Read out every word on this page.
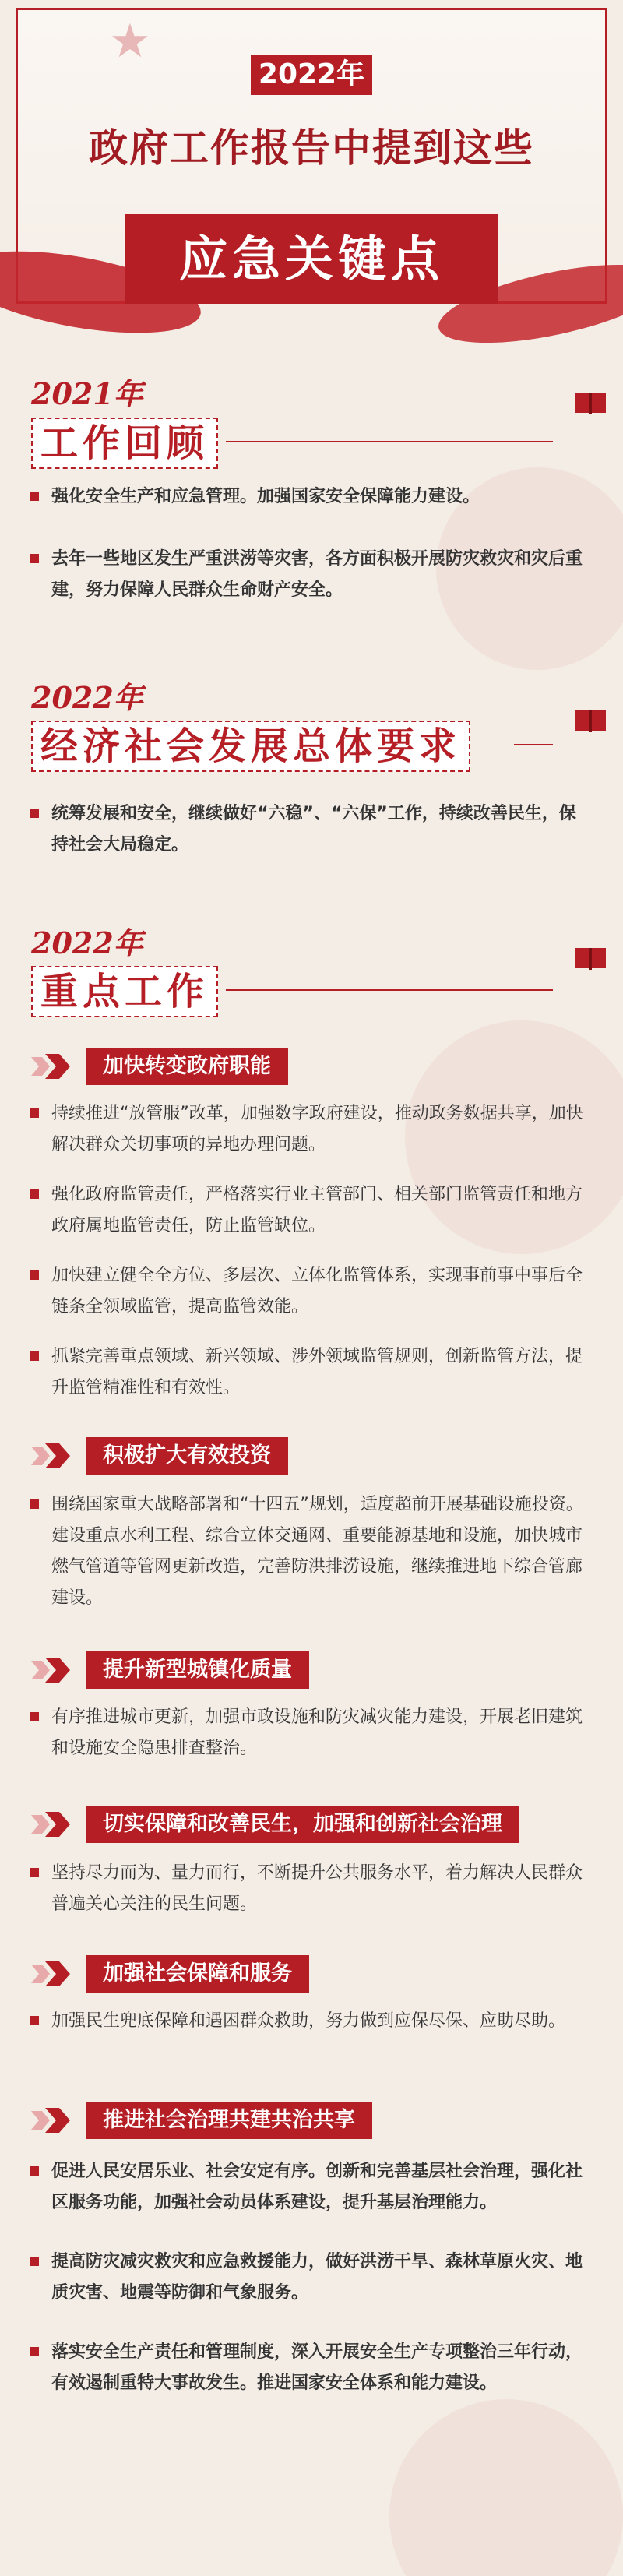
★
2022年
政府工作报告中提到这些
应急关键点
2021年
工作回顾
强化安全生产和应急管理。加强国家安全保障能力建设。
去年一些地区发生严重洪涝等灾害，各方面积极开展防灾救灾和灾后重建，努力保障人民群众生命财产安全。
2022年
经济社会发展总体要求
统筹发展和安全，继续做好“六稳”、“六保”工作，持续改善民生，保持社会大局稳定。
2022年
重点工作
加快转变政府职能
持续推进“放管服”改革，加强数字政府建设，推动政务数据共享，加快解决群众关切事项的异地办理问题。
强化政府监管责任，严格落实行业主管部门、相关部门监管责任和地方政府属地监管责任，防止监管缺位。
加快建立健全全方位、多层次、立体化监管体系，实现事前事中事后全链条全领域监管，提高监管效能。
抓紧完善重点领域、新兴领域、涉外领域监管规则，创新监管方法，提升监管精准性和有效性。
积极扩大有效投资
围绕国家重大战略部署和“十四五”规划，适度超前开展基础设施投资。建设重点水利工程、综合立体交通网、重要能源基地和设施，加快城市燃气管道等管网更新改造，完善防洪排涝设施，继续推进地下综合管廊建设。
提升新型城镇化质量
有序推进城市更新，加强市政设施和防灾减灾能力建设，开展老旧建筑和设施安全隐患排查整治。
切实保障和改善民生，加强和创新社会治理
坚持尽力而为、量力而行，不断提升公共服务水平，着力解决人民群众普遍关心关注的民生问题。
加强社会保障和服务
加强民生兜底保障和遇困群众救助，努力做到应保尽保、应助尽助。
推进社会治理共建共治共享
促进人民安居乐业、社会安定有序。创新和完善基层社会治理，强化社区服务功能，加强社会动员体系建设，提升基层治理能力。
提高防灾减灾救灾和应急救援能力，做好洪涝干旱、森林草原火灾、地质灾害、地震等防御和气象服务。
落实安全生产责任和管理制度，深入开展安全生产专项整治三年行动，有效遏制重特大事故发生。推进国家安全体系和能力建设。
